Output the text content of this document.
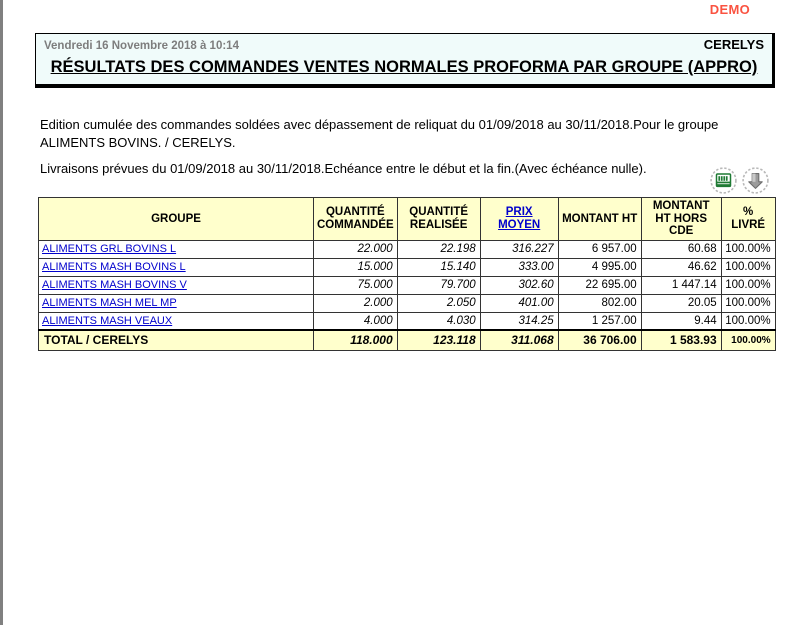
DEMO
Vendredi 16 Novembre 2018 à 10:14	CERELYS
RÉSULTATS DES COMMANDES VENTES NORMALES PROFORMA PAR GROUPE (APPRO)

Edition cumulée des commandes soldées avec dépassement de reliquat du 01/09/2018 au 30/11/2018.Pour le groupe ALIMENTS BOVINS. / CERELYS.

Livraisons prévues du 01/09/2018 au 30/11/2018.Echéance entre le début et la fin.(Avec échéance nulle).

GROUPE	QUANTITÉ COMMANDÉE	QUANTITÉ REALISÉE	PRIX MOYEN	MONTANT HT	MONTANT HT HORS CDE	% LIVRÉ
ALIMENTS GRL BOVINS L	22.000	22.198	316.227	6 957.00	60.68	100.00%
ALIMENTS MASH BOVINS L	15.000	15.140	333.00	4 995.00	46.62	100.00%
ALIMENTS MASH BOVINS V	75.000	79.700	302.60	22 695.00	1 447.14	100.00%
ALIMENTS MASH MEL MP	2.000	2.050	401.00	802.00	20.05	100.00%
ALIMENTS MASH VEAUX	4.000	4.030	314.25	1 257.00	9.44	100.00%
TOTAL / CERELYS	118.000	123.118	311.068	36 706.00	1 583.93	100.00%
